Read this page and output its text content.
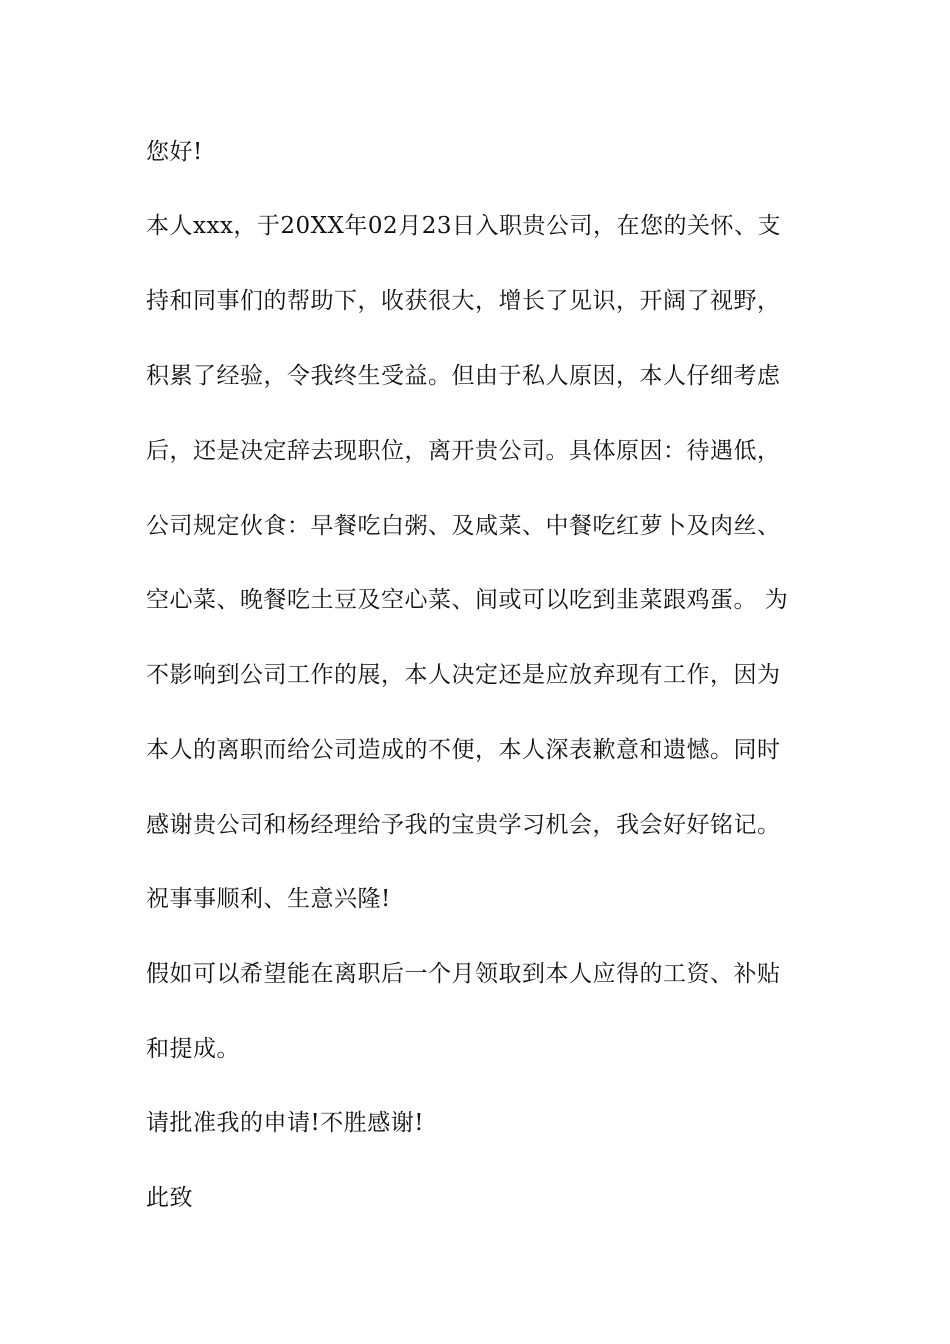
您好!
本人xxx，于20XX年02月23日入职贵公司，在您的关怀、支
持和同事们的帮助下，收获很大，增长了见识，开阔了视野，
积累了经验，令我终生受益。但由于私人原因，本人仔细考虑
后，还是决定辞去现职位，离开贵公司。具体原因：待遇低，
公司规定伙食：早餐吃白粥、及咸菜、中餐吃红萝卜及肉丝、
空心菜、晚餐吃土豆及空心菜、间或可以吃到韭菜跟鸡蛋。 为
不影响到公司工作的展，本人决定还是应放弃现有工作，因为
本人的离职而给公司造成的不便，本人深表歉意和遗憾。同时
感谢贵公司和杨经理给予我的宝贵学习机会，我会好好铭记。
祝事事顺利、生意兴隆!
假如可以希望能在离职后一个月领取到本人应得的工资、补贴
和提成。
请批准我的申请!不胜感谢!
此致
